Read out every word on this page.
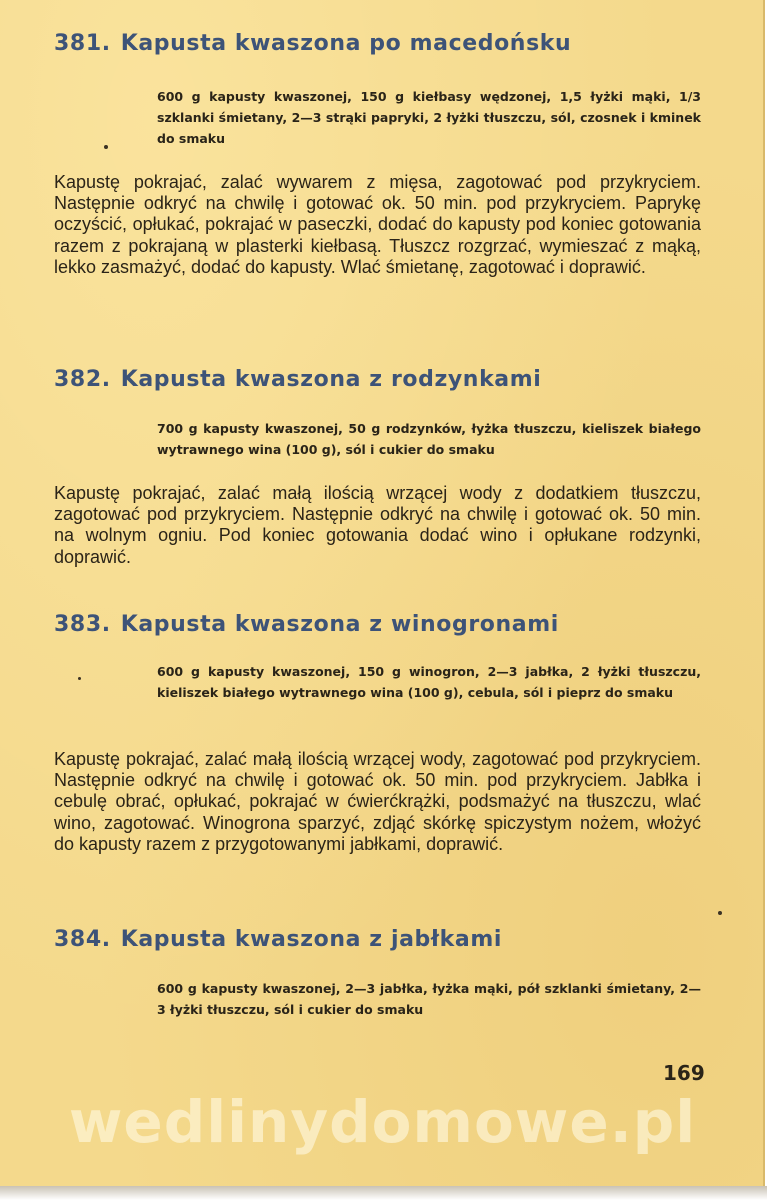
381. Kapusta kwaszona po macedońsku

600 g kapusty kwaszonej, 150 g kiełbasy wędzonej, 1,5 łyżki mąki, 1/3 szklanki śmietany, 2—3 strąki papryki, 2 łyżki tłuszczu, sól, czosnek i kminek do smaku

Kapustę pokrajać, zalać wywarem z mięsa, zagotować pod przykryciem. Następnie odkryć na chwilę i gotować ok. 50 min. pod przykryciem. Paprykę oczyścić, opłukać, pokrajać w paseczki, dodać do kapusty pod koniec gotowania razem z pokrajaną w plasterki kiełbasą. Tłuszcz rozgrzać, wymieszać z mąką, lekko zasmażyć, dodać do kapusty. Wlać śmietanę, zagotować i doprawić.

382. Kapusta kwaszona z rodzynkami

700 g kapusty kwaszonej, 50 g rodzynków, łyżka tłuszczu, kieliszek białego wytrawnego wina (100 g), sól i cukier do smaku

Kapustę pokrajać, zalać małą ilością wrzącej wody z dodatkiem tłuszczu, zagotować pod przykryciem. Następnie odkryć na chwilę i gotować ok. 50 min. na wolnym ogniu. Pod koniec gotowania dodać wino i opłukane rodzynki, doprawić.

383. Kapusta kwaszona z winogronami

600 g kapusty kwaszonej, 150 g winogron, 2—3 jabłka, 2 łyżki tłuszczu, kieliszek białego wytrawnego wina (100 g), cebula, sól i pieprz do smaku

Kapustę pokrajać, zalać małą ilością wrzącej wody, zagotować pod przykryciem. Następnie odkryć na chwilę i gotować ok. 50 min. pod przykryciem. Jabłka i cebulę obrać, opłukać, pokrajać w ćwierćkrążki, podsmażyć na tłuszczu, wlać wino, zagotować. Winogrona sparzyć, zdjąć skórkę spiczystym nożem, włożyć do kapusty razem z przygotowanymi jabłkami, doprawić.

384. Kapusta kwaszona z jabłkami

600 g kapusty kwaszonej, 2—3 jabłka, łyżka mąki, pół szklanki śmietany, 2—3 łyżki tłuszczu, sól i cukier do smaku

169
wedlinydomowe.pl
